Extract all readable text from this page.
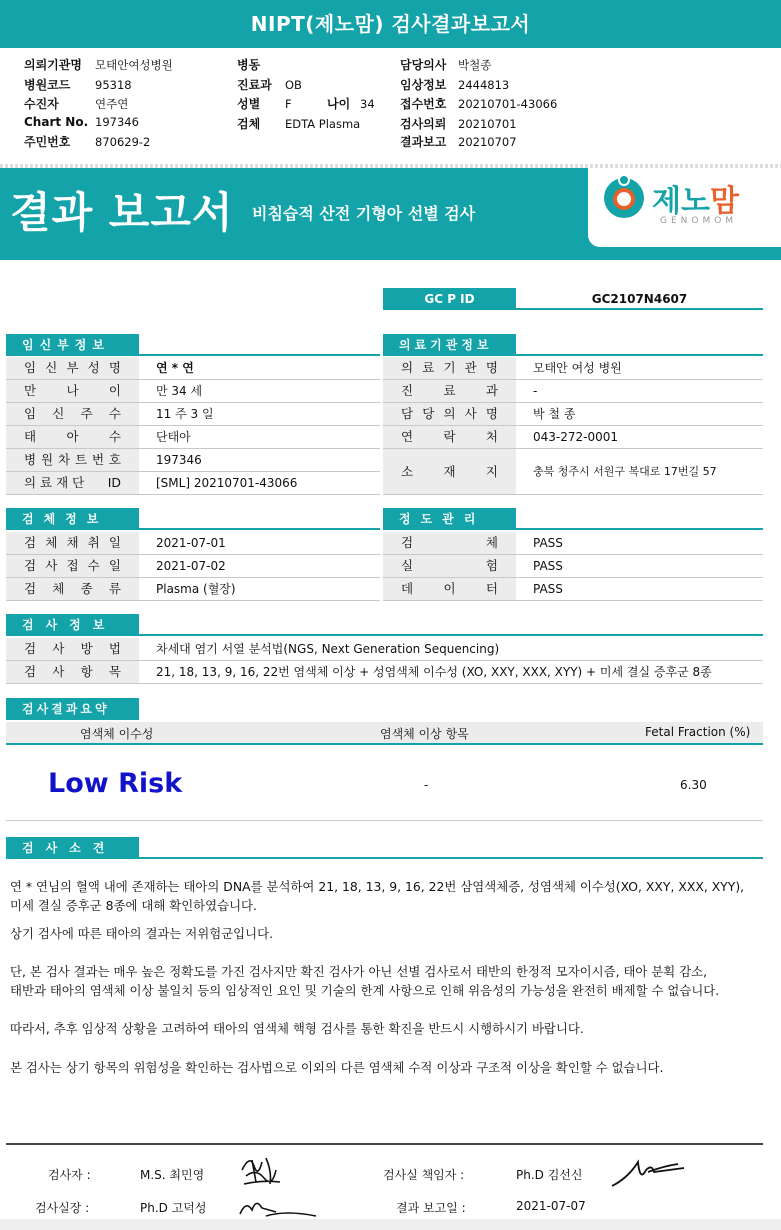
NIPT(제노맘) 검사결과보고서
의뢰기관명 모태안여성병원
병원코드 95318
수진자	연주연
Chart No. 197346
주민번호 870629-2
병동
진료과 OB
성별 F
검체 EDTA Plasma
나이 34
담당의사 박철종
임상정보 2444813
접수번호 20210701-43066
검사의뢰 20210701
결과보고 20210707
결과 보고서 비침습적 산전 기형아 선별 검사	제노맘
GENOMOM
GC P ID	GC2107N4607
임신부정보	의료기관정보
검체정보	정도관리
검사정보
검사결과요약
검사소견
임 신 부 성 명	연 * 연
만 나 이	만 34 세
임 신 주 수	11 주 3 일
태 아 수	단태아
병 원 차 트 번 호	197346
의 료 재 단 ID	[SML] 20210701-43066
의 료 기 관 명	모태안 여성 병원
진 료 과	-
담 당 의 사 명	박 철 종
연 락 처	043-272-0001
소 재 지	충북 청주시 서원구 복대로 17번길 57
검 체 채 취 일	2021-07-01
검 사 접 수 일	2021-07-02
검 체 종 류	Plasma (혈장)
검	체	PASS
실	험	PASS
데 이 터	PASS
검 사 방 법	차세대 염기 서열 분석법(NGS, Next Generation Sequencing)
검 사 항 목	21, 18, 13, 9, 16, 22번 염색체 이상 + 성염색체 이수성 (XO, XXY, XXX, XYY) + 미세 결실 증후군 8종
염색체 이수성	염색체 이상 항목	Fetal Fraction (%)
Low Risk	-	6.30
연 * 연님의 혈액 내에 존재하는 태아의 DNA를 분석하여 21, 18, 13, 9, 16, 22번 삼염색체증, 성염색체 이수성(XO, XXY, XXX, XYY),
미세 결실 증후군 8종에 대해 확인하였습니다.
상기 검사에 따른 태아의 결과는 저위험군입니다.
단, 본 검사 결과는 매우 높은 정확도를 가진 검사지만 확진 검사가 아닌 선별 검사로서 태반의 한정적 모자이시즘, 태아 분획 감소,
태반과 태아의 염색체 이상 불일치 등의 임상적인 요인 및 기술의 한계 사항으로 인해 위음성의 가능성을 완전히 배제할 수 없습니다.
따라서, 추후 임상적 상황을 고려하여 태아의 염색체 핵형 검사를 통한 확진을 반드시 시행하시기 바랍니다.
본 검사는 상기 항목의 위험성을 확인하는 검사법으로 이외의 다른 염색체 수적 이상과 구조적 이상을 확인할 수 없습니다.
검사자 :	M.S. 최민영	검사실 책임자 :	Ph.D 김선신
검사실장 :	Ph.D 고덕성	결과 보고일 :	2021-07-07
